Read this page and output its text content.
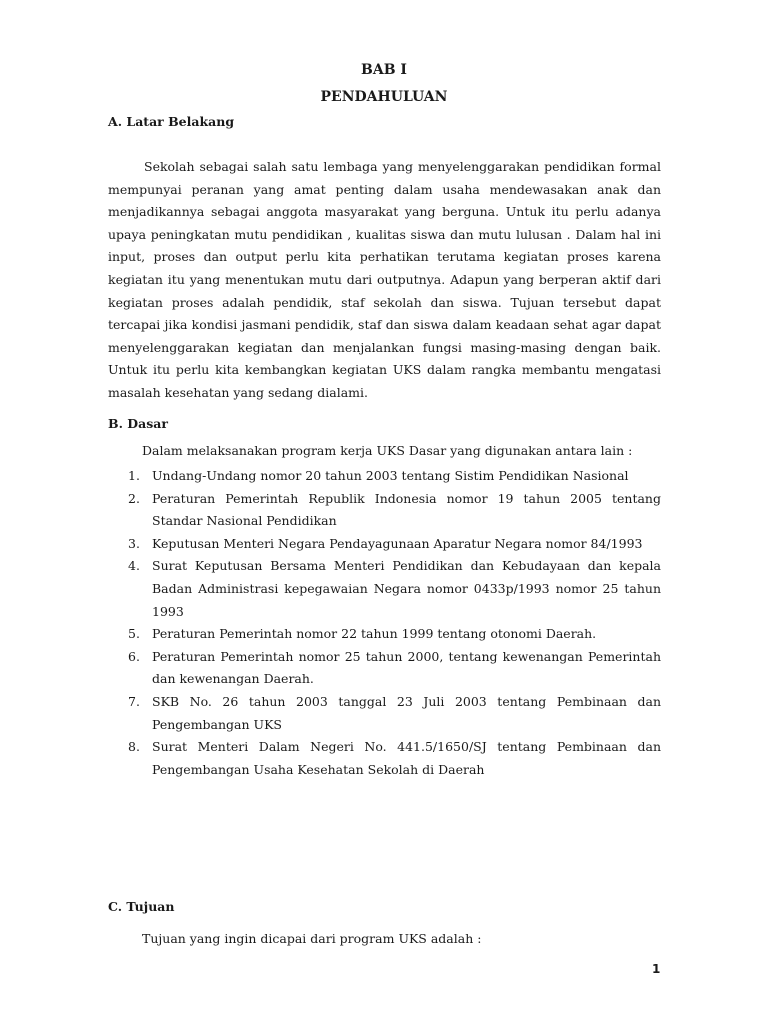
BAB I
PENDAHULUAN
A. Latar Belakang

Sekolah sebagai salah satu lembaga yang menyelenggarakan pendidikan formal mempunyai peranan yang amat penting dalam usaha mendewasakan anak dan menjadikannya sebagai anggota masyarakat yang berguna. Untuk itu perlu adanya upaya peningkatan mutu pendidikan , kualitas siswa dan mutu lulusan . Dalam hal ini input, proses dan output perlu kita perhatikan terutama kegiatan proses karena kegiatan itu yang menentukan mutu dari outputnya. Adapun yang berperan aktif dari kegiatan proses adalah pendidik, staf sekolah dan siswa. Tujuan tersebut dapat tercapai jika kondisi jasmani pendidik, staf dan siswa dalam keadaan sehat agar dapat menyelenggarakan kegiatan dan menjalankan fungsi masing-masing dengan baik. Untuk itu perlu kita kembangkan kegiatan UKS dalam rangka membantu mengatasi masalah kesehatan yang sedang dialami.

B. Dasar

Dalam melaksanakan program kerja UKS Dasar yang digunakan antara lain :

1. Undang-Undang nomor 20 tahun 2003 tentang Sistim Pendidikan Nasional
2. Peraturan Pemerintah Republik Indonesia nomor 19 tahun 2005 tentang Standar Nasional Pendidikan
3. Keputusan Menteri Negara Pendayagunaan Aparatur Negara nomor 84/1993
4. Surat Keputusan Bersama Menteri Pendidikan dan Kebudayaan dan kepala Badan Administrasi kepegawaian Negara nomor 0433p/1993 nomor 25 tahun 1993
5. Peraturan Pemerintah nomor 22 tahun 1999 tentang otonomi Daerah.
6. Peraturan Pemerintah nomor 25 tahun 2000, tentang kewenangan Pemerintah dan kewenangan Daerah.
7. SKB No. 26 tahun 2003 tanggal 23 Juli 2003 tentang Pembinaan dan Pengembangan UKS
8. Surat Menteri Dalam Negeri No. 441.5/1650/SJ tentang Pembinaan dan Pengembangan Usaha Kesehatan Sekolah di Daerah
C. Tujuan

Tujuan yang ingin dicapai dari program UKS adalah :

1
